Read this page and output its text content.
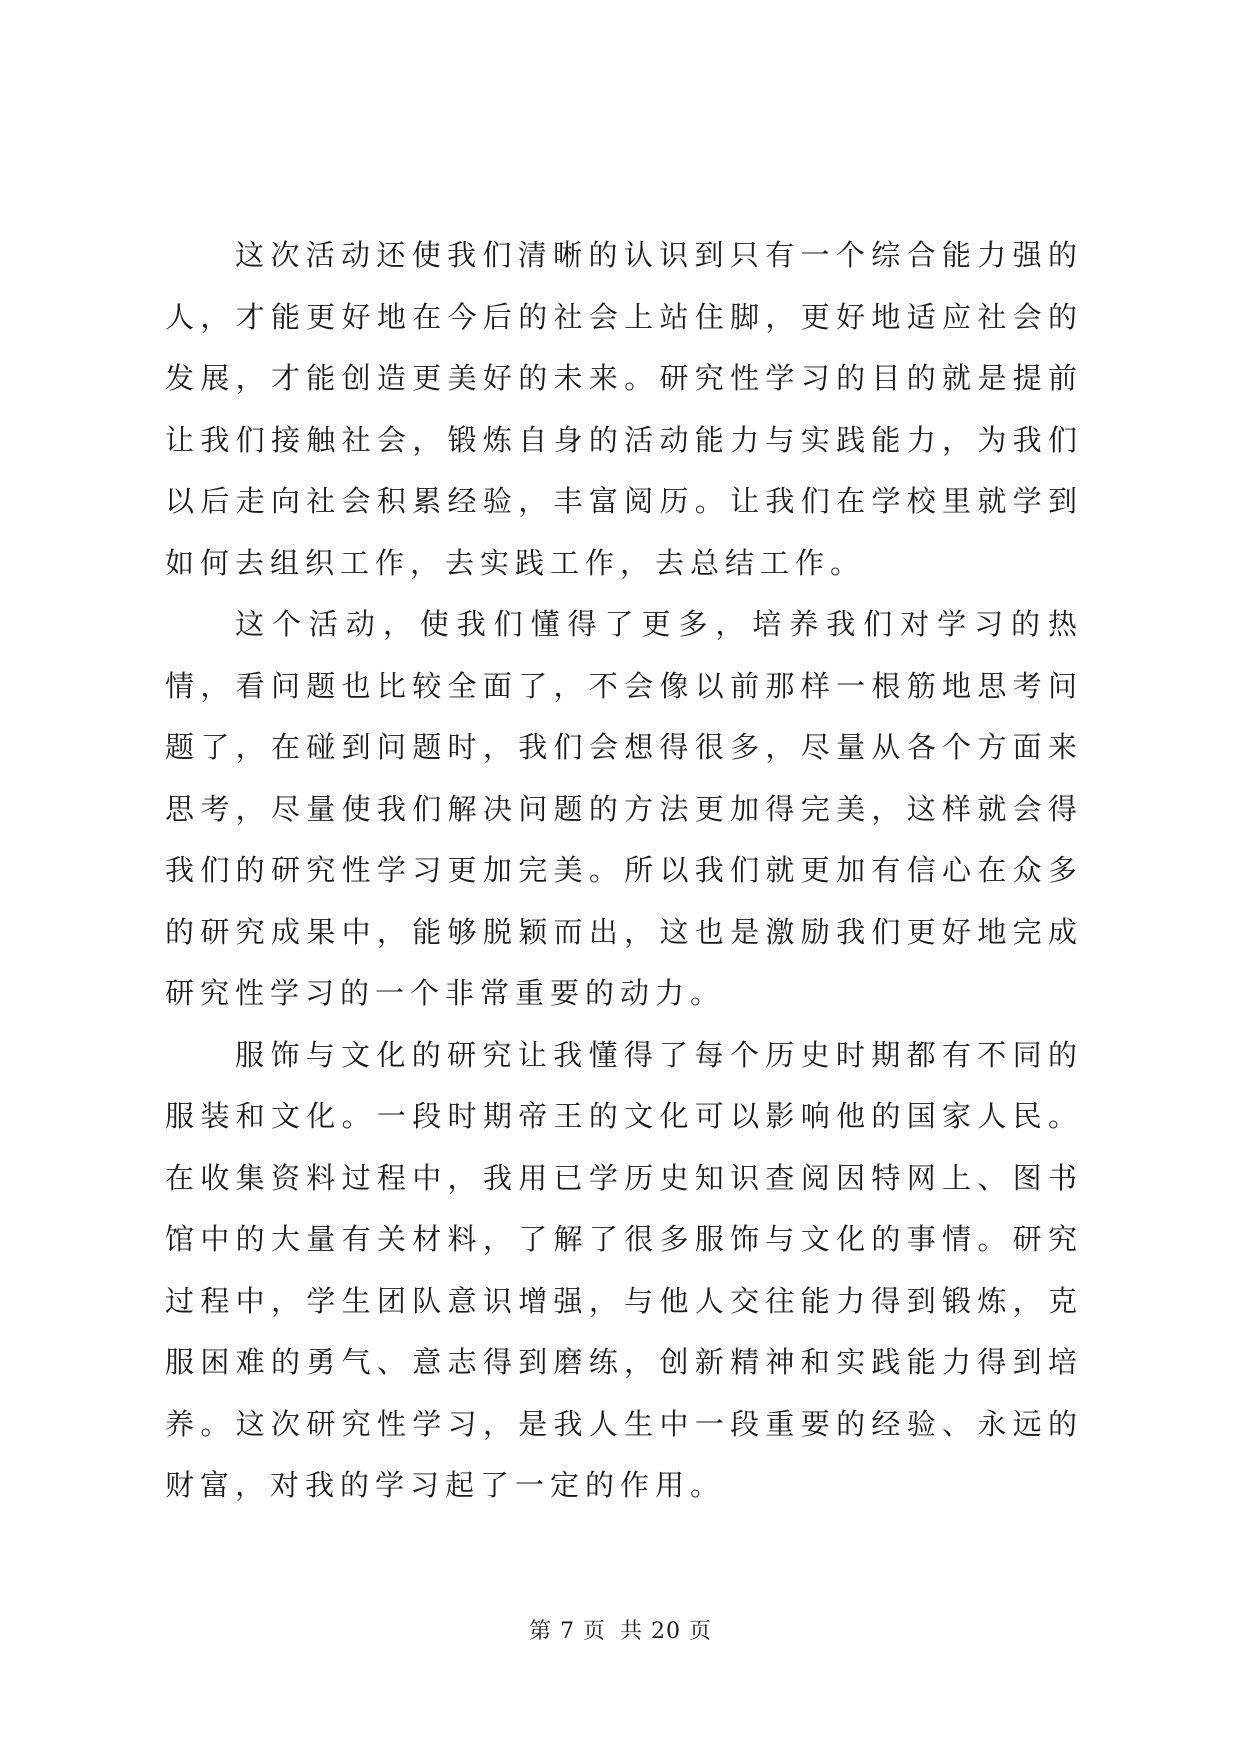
这次活动还使我们清晰的认识到只有一个综合能力强的人，才能更好地在今后的社会上站住脚，更好地适应社会的发展，才能创造更美好的未来。研究性学习的目的就是提前让我们接触社会，锻炼自身的活动能力与实践能力，为我们以后走向社会积累经验，丰富阅历。让我们在学校里就学到如何去组织工作，去实践工作，去总结工作。

这个活动，使我们懂得了更多，培养我们对学习的热情，看问题也比较全面了，不会像以前那样一根筋地思考问题了，在碰到问题时，我们会想得很多，尽量从各个方面来思考，尽量使我们解决问题的方法更加得完美，这样就会得我们的研究性学习更加完美。所以我们就更加有信心在众多的研究成果中，能够脱颖而出，这也是激励我们更好地完成研究性学习的一个非常重要的动力。

服饰与文化的研究让我懂得了每个历史时期都有不同的服装和文化。一段时期帝王的文化可以影响他的国家人民。在收集资料过程中，我用已学历史知识查阅因特网上、图书馆中的大量有关材料，了解了很多服饰与文化的事情。研究过程中，学生团队意识增强，与他人交往能力得到锻炼，克服困难的勇气、意志得到磨练，创新精神和实践能力得到培养。这次研究性学习，是我人生中一段重要的经验、永远的财富，对我的学习起了一定的作用。

第 7 页 共 20 页
